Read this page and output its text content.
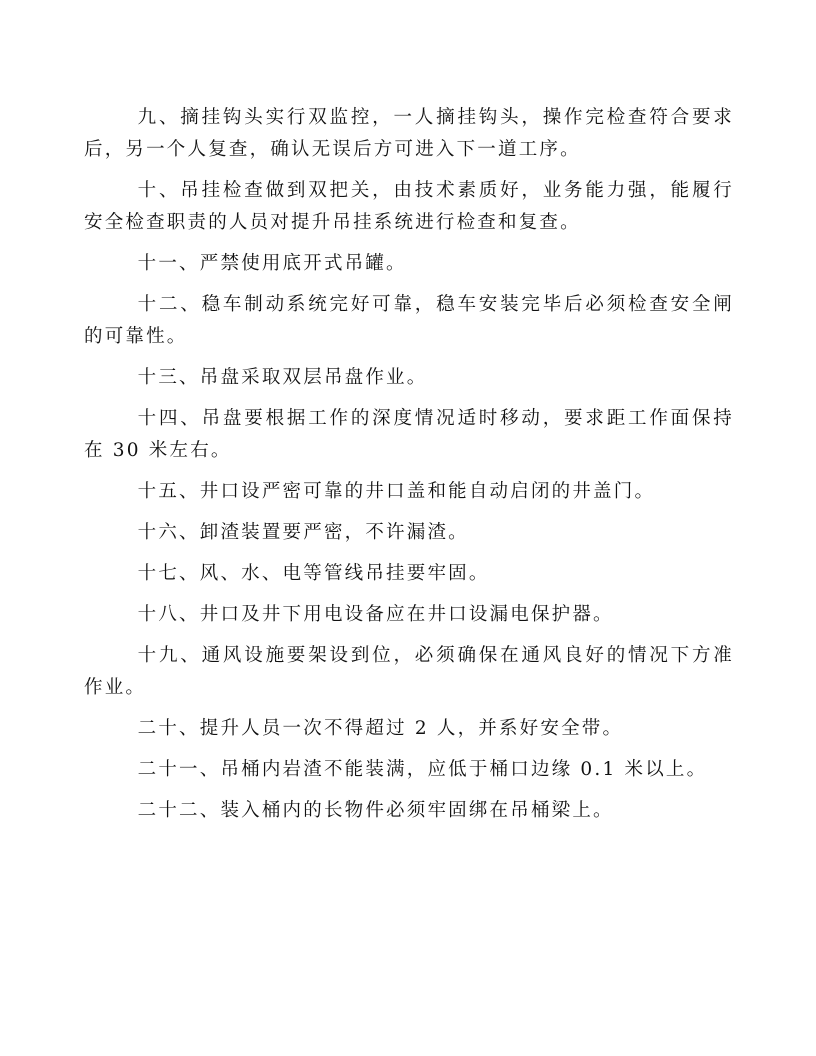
九、摘挂钩头实行双监控，一人摘挂钩头，操作完检查符合要求后，另一个人复查，确认无误后方可进入下一道工序。

十、吊挂检查做到双把关，由技术素质好，业务能力强，能履行安全检查职责的人员对提升吊挂系统进行检查和复查。

十一、严禁使用底开式吊罐。

十二、稳车制动系统完好可靠，稳车安装完毕后必须检查安全闸的可靠性。

十三、吊盘采取双层吊盘作业。

十四、吊盘要根据工作的深度情况适时移动，要求距工作面保持在 30 米左右。

十五、井口设严密可靠的井口盖和能自动启闭的井盖门。

十六、卸渣装置要严密，不许漏渣。

十七、风、水、电等管线吊挂要牢固。

十八、井口及井下用电设备应在井口设漏电保护器。

十九、通风设施要架设到位，必须确保在通风良好的情况下方准作业。

二十、提升人员一次不得超过 2 人，并系好安全带。

二十一、吊桶内岩渣不能装满，应低于桶口边缘 0.1 米以上。

二十二、装入桶内的长物件必须牢固绑在吊桶梁上。
